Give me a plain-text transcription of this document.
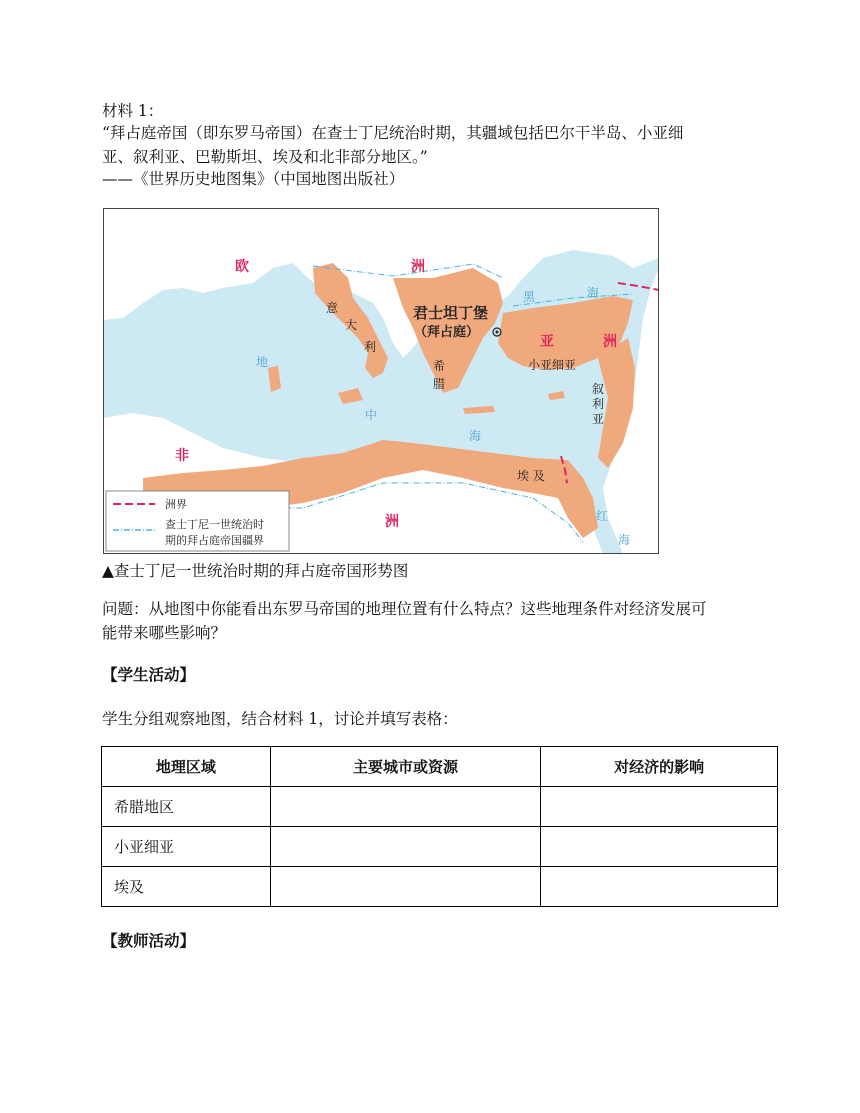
材料 1：
“拜占庭帝国（即东罗马帝国）在查士丁尼统治时期，其疆域包括巴尔干半岛、小亚细
亚、叙利亚、巴勒斯坦、埃及和北非部分地区。”
——《世界历史地图集》（中国地图出版社）
欧	洲
亚	洲
非
洲
地
中
海
黑	海
红
海
意
大
利
希
腊
小亚细亚
叙
利
亚
埃 及
君士坦丁堡
（拜占庭）
洲界
查士丁尼一世统治时
期的拜占庭帝国疆界
▲查士丁尼一世统治时期的拜占庭帝国形势图
问题：从地图中你能看出东罗马帝国的地理位置有什么特点？这些地理条件对经济发展可
能带来哪些影响？
【学生活动】
学生分组观察地图，结合材料 1，讨论并填写表格：
地理区域	主要城市或资源	对经济的影响
希腊地区		
小亚细亚		
埃及		
【教师活动】
